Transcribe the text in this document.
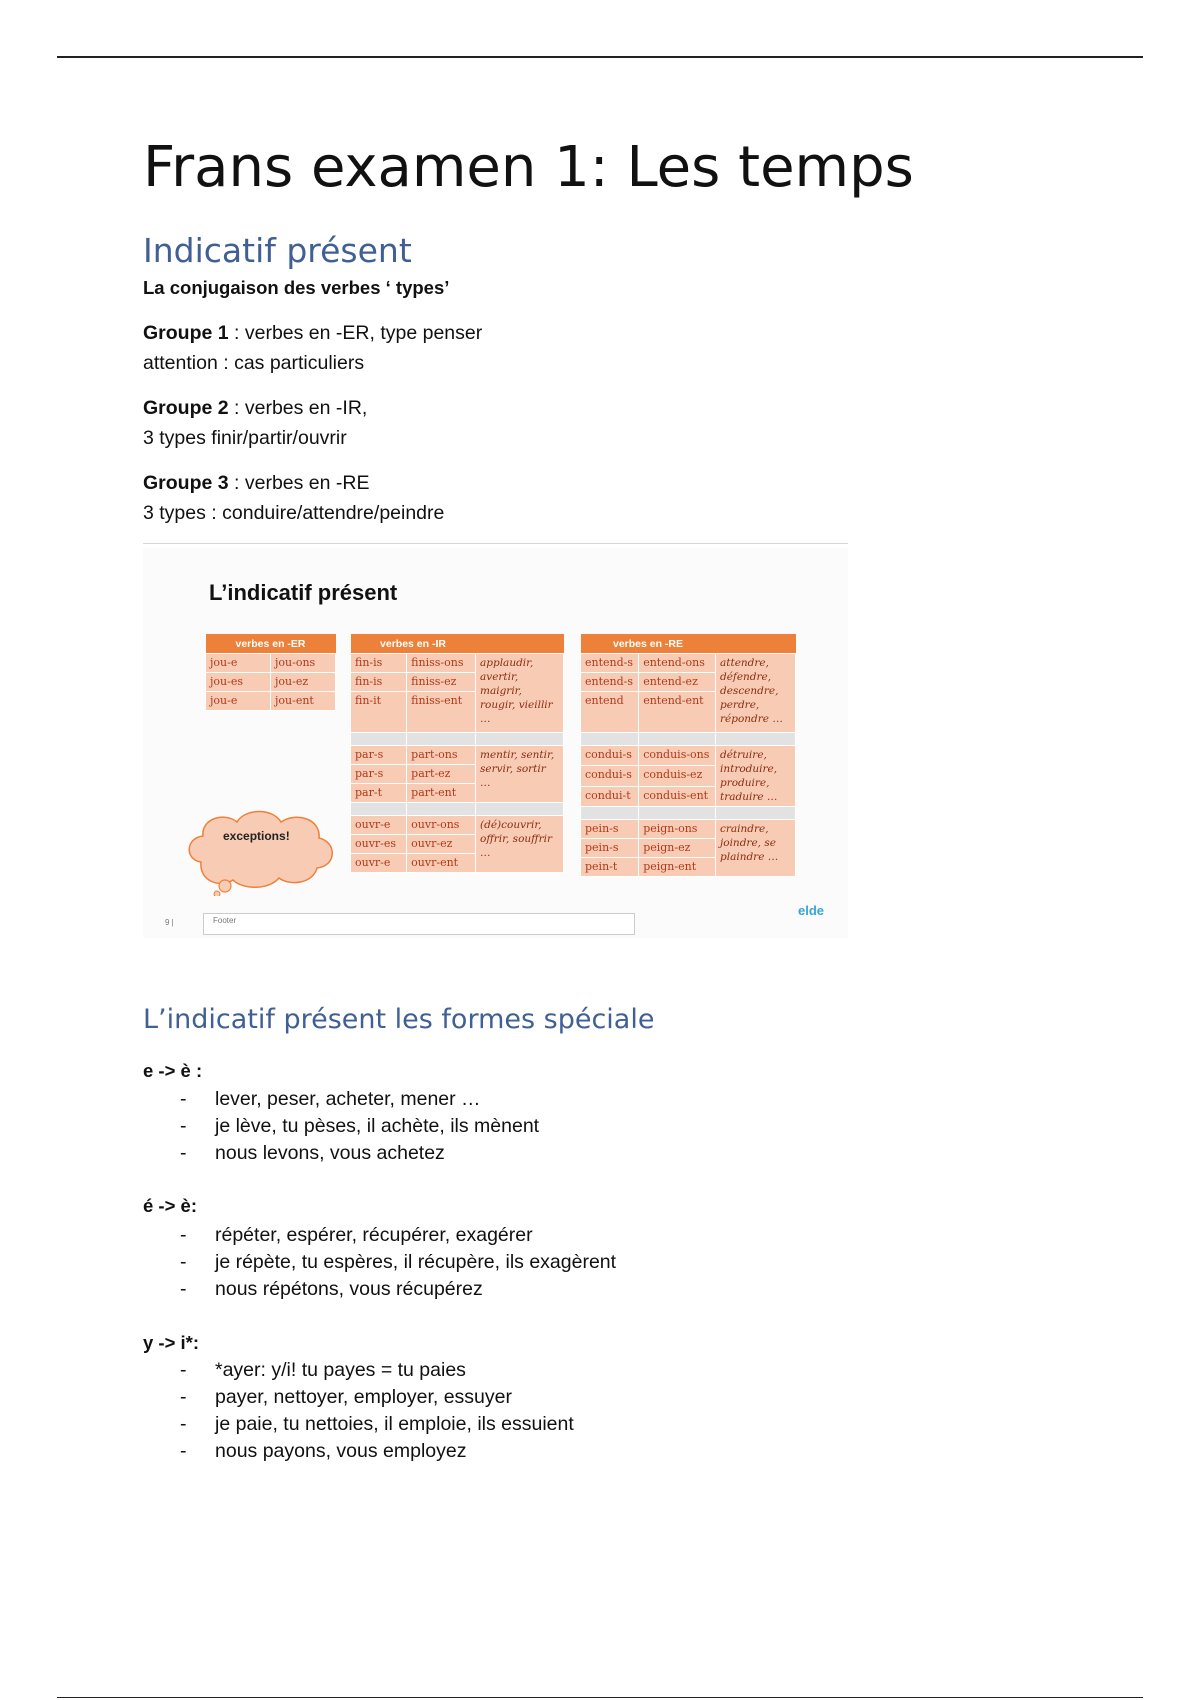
Frans examen 1: Les temps
Indicatif présent
La conjugaison des verbes ‘ types’
Groupe 1 : verbes en -ER, type penser
attention : cas particuliers
Groupe 2 : verbes en -IR,
3 types finir/partir/ouvrir
Groupe 3 : verbes en -RE
3 types : conduire/attendre/peindre
L’indicatif présent
verbes en -ER	
jou-e	jou-ons
jou-es	jou-ez
jou-e	jou-ent
verbes en -IR		
fin-is	finiss-ons	applaudir, avertir, maigrir, rougir, vieillir …
fin-is	finiss-ez	
fin-it	finiss-ent	

par-s	part-ons	mentir, sentir, servir, sortir …
par-s	part-ez	
par-t	part-ent	

ouvr-e	ouvr-ons	(dé)couvrir, offrir, souffrir …
ouvr-es	ouvr-ez	
ouvr-e	ouvr-ent	
verbes en -RE		
entend-s	entend-ons	attendre, défendre, descendre, perdre, répondre …
entend-s	entend-ez	
entend	entend-ent	

condui-s	conduis-ons	détruire, introduire, produire, traduire …
condui-s	conduis-ez	
condui-t	conduis-ent	

pein-s	peign-ons	craindre, joindre, se plaindre …
pein-s	peign-ez	
pein-t	peign-ent	
exceptions!
Footer
9 |
elde
L’indicatif présent les formes spéciale
e -> è :
- lever, peser, acheter, mener …
- je lève, tu pèses, il achète, ils mènent
- nous levons, vous achetez
é -> è:
- répéter, espérer, récupérer, exagérer
- je répète, tu espères, il récupère, ils exagèrent
- nous répétons, vous récupérez
y -> i*:
- *ayer: y/i! tu payes = tu paies
- payer, nettoyer, employer, essuyer
- je paie, tu nettoies, il emploie, ils essuient
- nous payons, vous employez
